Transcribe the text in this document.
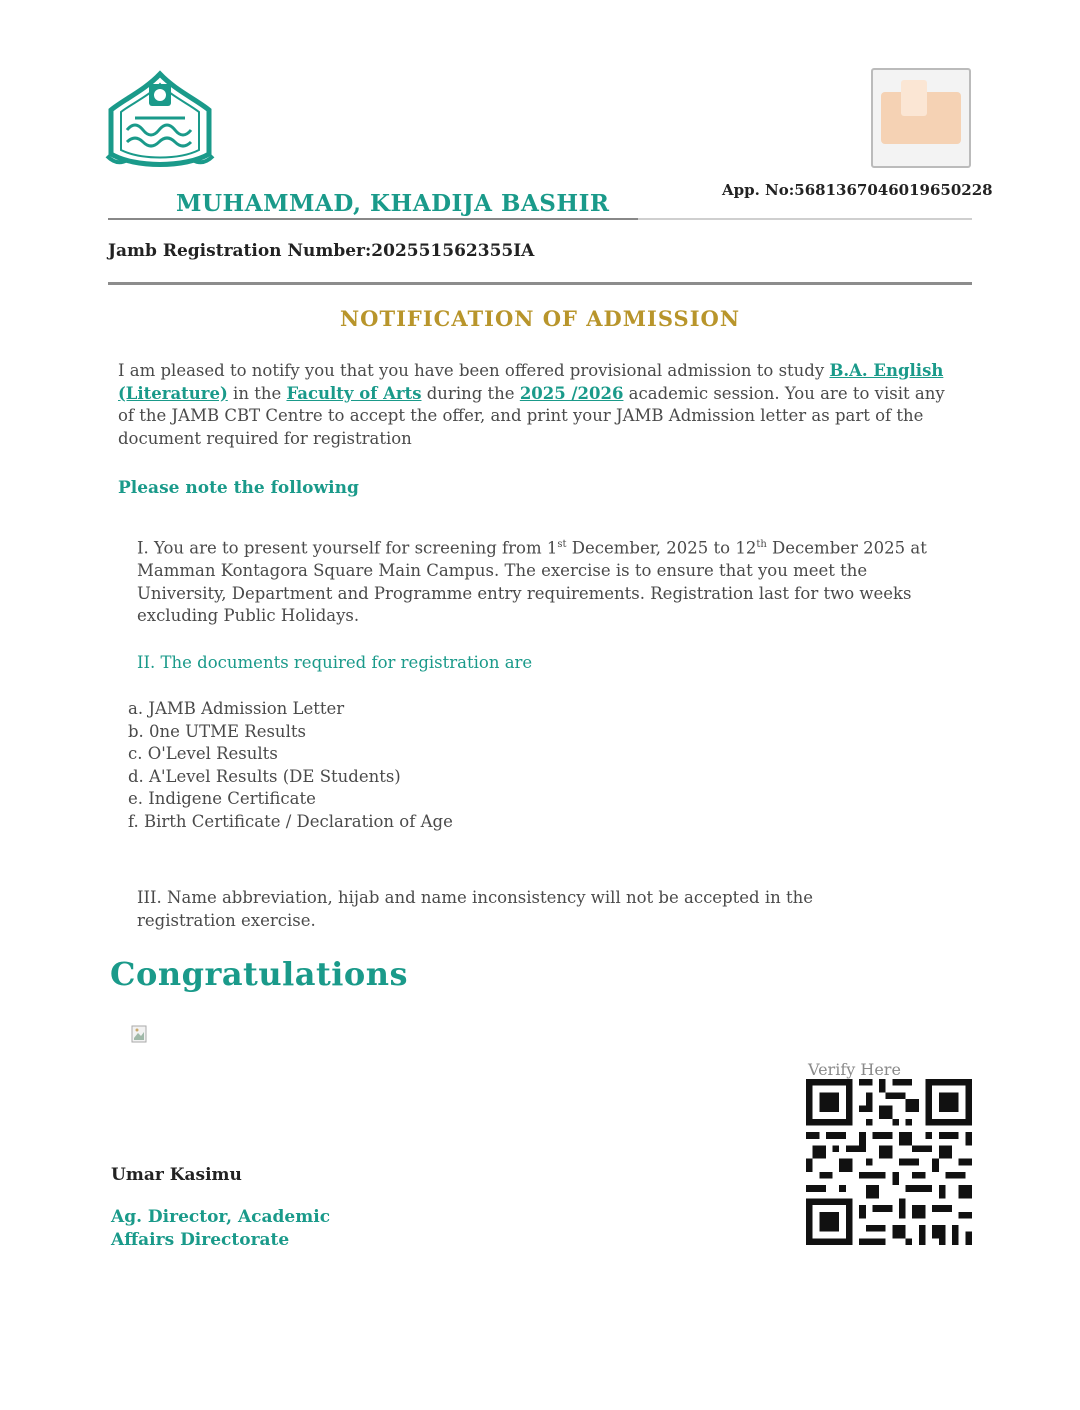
App. No:5681367046019650228
MUHAMMAD, KHADIJA BASHIR
Jamb Registration Number:202551562355IA
NOTIFICATION OF ADMISSION
I am pleased to notify you that you have been offered provisional admission to study B.A. English (Literature) in the Faculty of Arts during the 2025 /2026 academic session. You are to visit any of the JAMB CBT Centre to accept the offer, and print your JAMB Admission letter as part of the document required for registration
Please note the following
I. You are to present yourself for screening from 1st December, 2025 to 12th December 2025 at Mamman Kontagora Square Main Campus. The exercise is to ensure that you meet the University, Department and Programme entry requirements. Registration last for two weeks excluding Public Holidays.
II. The documents required for registration are
a. JAMB Admission Letter
b. 0ne UTME Results
c. O'Level Results
d. A'Level Results (DE Students)
e. Indigene Certificate
f. Birth Certificate / Declaration of Age
III. Name abbreviation, hijab and name inconsistency will not be accepted in the registration exercise.
Congratulations
Verify Here
Umar Kasimu
Ag. Director, Academic Affairs Directorate
